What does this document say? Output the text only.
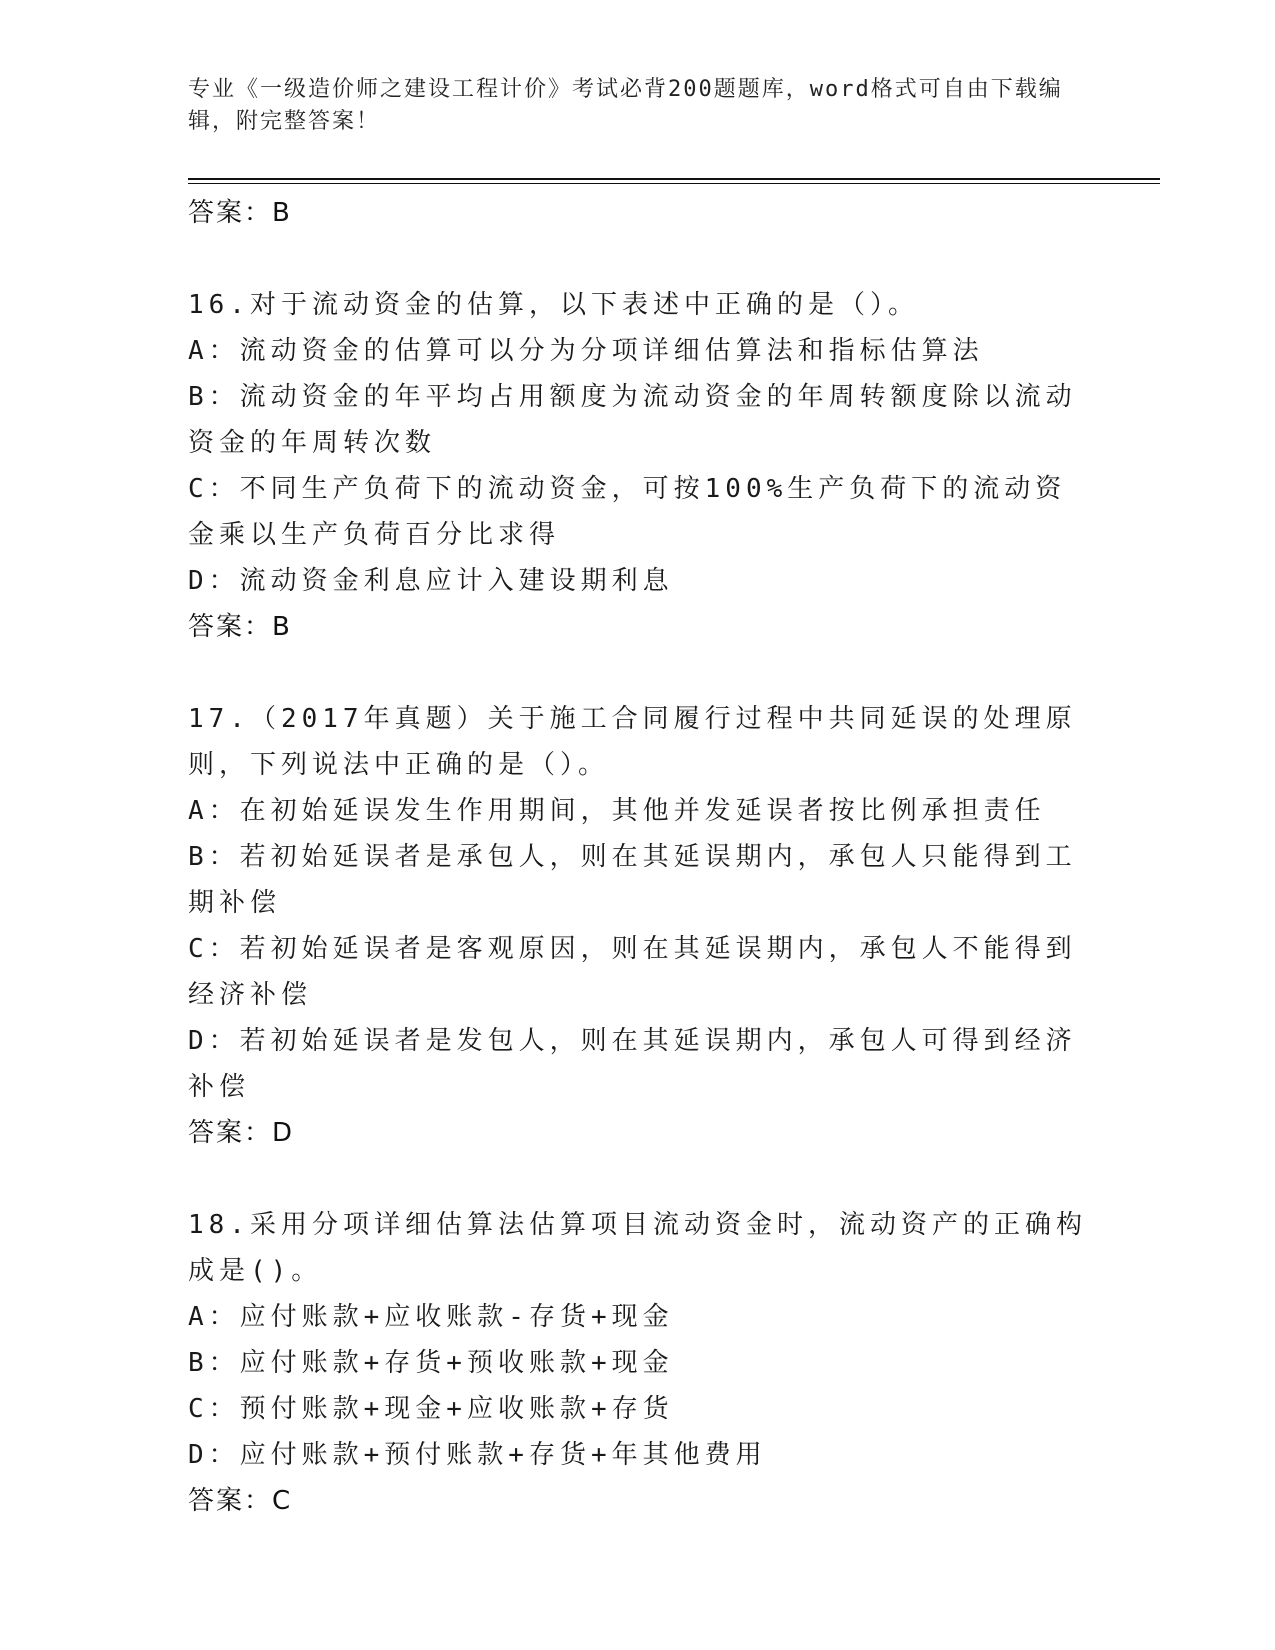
专业《一级造价师之建设工程计价》考试必背200题题库，word格式可自由下载编辑，附完整答案！
答案：B
16.对于流动资金的估算，以下表述中正确的是（）。
A：流动资金的估算可以分为分项详细估算法和指标估算法
B：流动资金的年平均占用额度为流动资金的年周转额度除以流动资金的年周转次数
C：不同生产负荷下的流动资金，可按100%生产负荷下的流动资金乘以生产负荷百分比求得
D：流动资金利息应计入建设期利息
答案：B
17.（2017年真题）关于施工合同履行过程中共同延误的处理原则，下列说法中正确的是（）。
A：在初始延误发生作用期间，其他并发延误者按比例承担责任
B：若初始延误者是承包人，则在其延误期内，承包人只能得到工期补偿
C：若初始延误者是客观原因，则在其延误期内，承包人不能得到经济补偿
D：若初始延误者是发包人，则在其延误期内，承包人可得到经济补偿
答案：D
18.采用分项详细估算法估算项目流动资金时，流动资产的正确构成是()。
A：应付账款+应收账款-存货+现金
B：应付账款+存货+预收账款+现金
C：预付账款+现金+应收账款+存货
D：应付账款+预付账款+存货+年其他费用
答案：C
